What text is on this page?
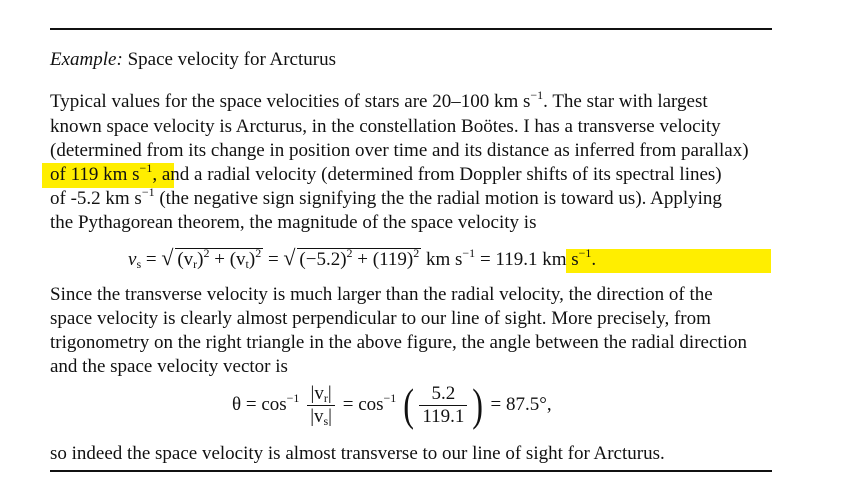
Example: Space velocity for Arcturus
Typical values for the space velocities of stars are 20–100 km $s^{-1}$. The star with largest
known space velocity is Arcturus, in the constellation Boötes. I has a transverse velocity
(determined from its change in position over time and its distance as inferred from parallax)
of 119 km $s^{-1}$, and a radial velocity (determined from Doppler shifts of its spectral lines)
of -5.2 km $s^{-1}$ (the negative sign signifying the the radial motion is toward us). Applying
the Pythagorean theorem, the magnitude of the space velocity is
$v_s$ = √ $(v_r)^2 + (v_t)^2$ = √ $(-5.2)^2 + (119)^2$ km $s^{-1} = 119.1$ km $s^{-1}$.
Since the transverse velocity is much larger than the radial velocity, the direction of the
space velocity is clearly almost perpendicular to our line of sight. More precisely, from
trigonometry on the right triangle in the above figure, the angle between the radial direction
and the space velocity vector is
$\theta = \cos^{-1} \frac{|v_r|}{|v_s|} = \cos^{-1}$ ( $\frac{5.2}{119.1}$ ) = 87.5°,
so indeed the space velocity is almost transverse to our line of sight for Arcturus.
